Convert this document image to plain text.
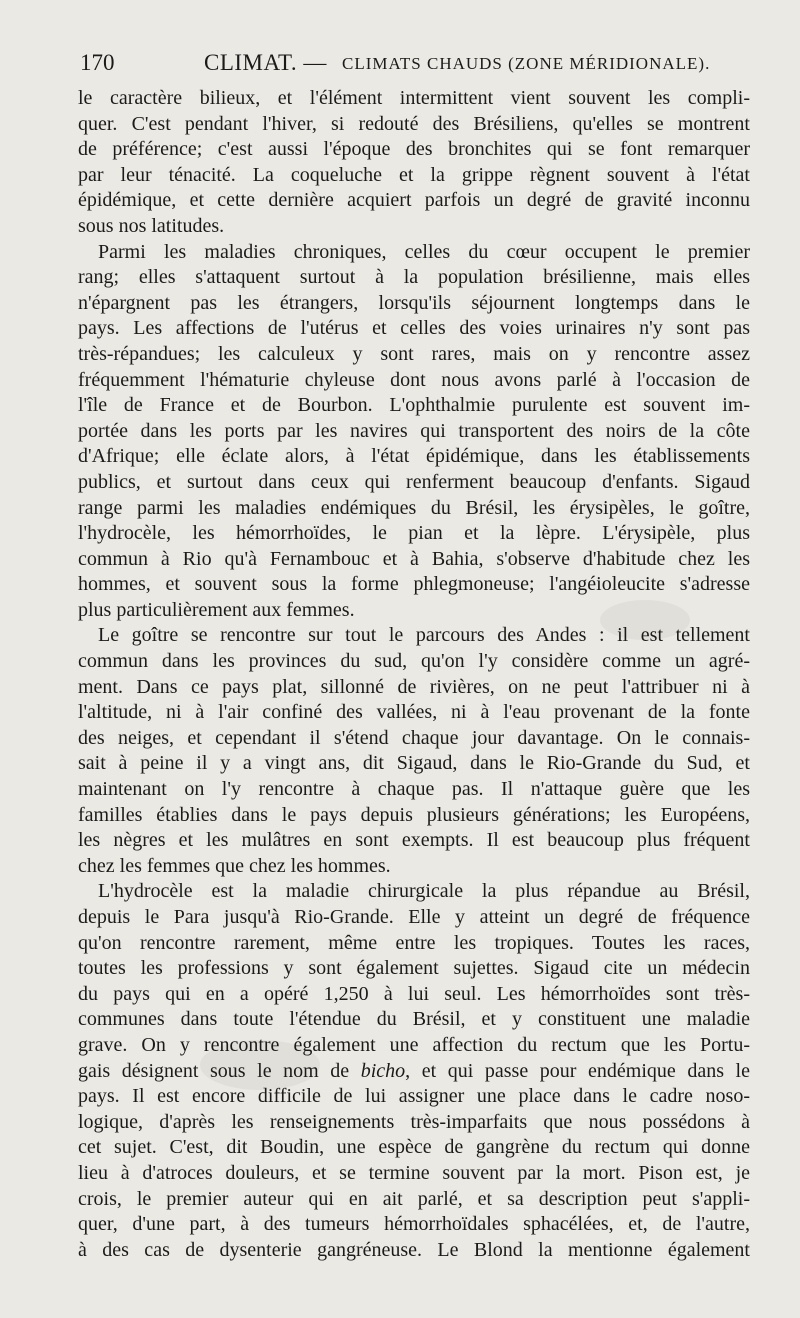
170	CLIMAT. — CLIMATS CHAUDS (ZONE MÉRIDIONALE).
le caractère bilieux, et l'élément intermittent vient souvent les compli-
quer. C'est pendant l'hiver, si redouté des Brésiliens, qu'elles se montrent
de préférence; c'est aussi l'époque des bronchites qui se font remarquer
par leur ténacité. La coqueluche et la grippe règnent souvent à l'état
épidémique, et cette dernière acquiert parfois un degré de gravité inconnu
sous nos latitudes.
Parmi les maladies chroniques, celles du cœur occupent le premier
rang; elles s'attaquent surtout à la population brésilienne, mais elles
n'épargnent pas les étrangers, lorsqu'ils séjournent longtemps dans le
pays. Les affections de l'utérus et celles des voies urinaires n'y sont pas
très-répandues; les calculeux y sont rares, mais on y rencontre assez
fréquemment l'hématurie chyleuse dont nous avons parlé à l'occasion de
l'île de France et de Bourbon. L'ophthalmie purulente est souvent im-
portée dans les ports par les navires qui transportent des noirs de la côte
d'Afrique; elle éclate alors, à l'état épidémique, dans les établissements
publics, et surtout dans ceux qui renferment beaucoup d'enfants. Sigaud
range parmi les maladies endémiques du Brésil, les érysipèles, le goître,
l'hydrocèle, les hémorrhoïdes, le pian et la lèpre. L'érysipèle, plus
commun à Rio qu'à Fernambouc et à Bahia, s'observe d'habitude chez les
hommes, et souvent sous la forme phlegmoneuse; l'angéioleucite s'adresse
plus particulièrement aux femmes.
Le goître se rencontre sur tout le parcours des Andes : il est tellement
commun dans les provinces du sud, qu'on l'y considère comme un agré-
ment. Dans ce pays plat, sillonné de rivières, on ne peut l'attribuer ni à
l'altitude, ni à l'air confiné des vallées, ni à l'eau provenant de la fonte
des neiges, et cependant il s'étend chaque jour davantage. On le connais-
sait à peine il y a vingt ans, dit Sigaud, dans le Rio-Grande du Sud, et
maintenant on l'y rencontre à chaque pas. Il n'attaque guère que les
familles établies dans le pays depuis plusieurs générations; les Européens,
les nègres et les mulâtres en sont exempts. Il est beaucoup plus fréquent
chez les femmes que chez les hommes.
L'hydrocèle est la maladie chirurgicale la plus répandue au Brésil,
depuis le Para jusqu'à Rio-Grande. Elle y atteint un degré de fréquence
qu'on rencontre rarement, même entre les tropiques. Toutes les races,
toutes les professions y sont également sujettes. Sigaud cite un médecin
du pays qui en a opéré 1,250 à lui seul. Les hémorrhoïdes sont très-
communes dans toute l'étendue du Brésil, et y constituent une maladie
grave. On y rencontre également une affection du rectum que les Portu-
gais désignent sous le nom de bicho, et qui passe pour endémique dans le
pays. Il est encore difficile de lui assigner une place dans le cadre noso-
logique, d'après les renseignements très-imparfaits que nous possédons à
cet sujet. C'est, dit Boudin, une espèce de gangrène du rectum qui donne
lieu à d'atroces douleurs, et se termine souvent par la mort. Pison est, je
crois, le premier auteur qui en ait parlé, et sa description peut s'appli-
quer, d'une part, à des tumeurs hémorrhoïdales sphacélées, et, de l'autre,
à des cas de dysenterie gangréneuse. Le Blond la mentionne également
